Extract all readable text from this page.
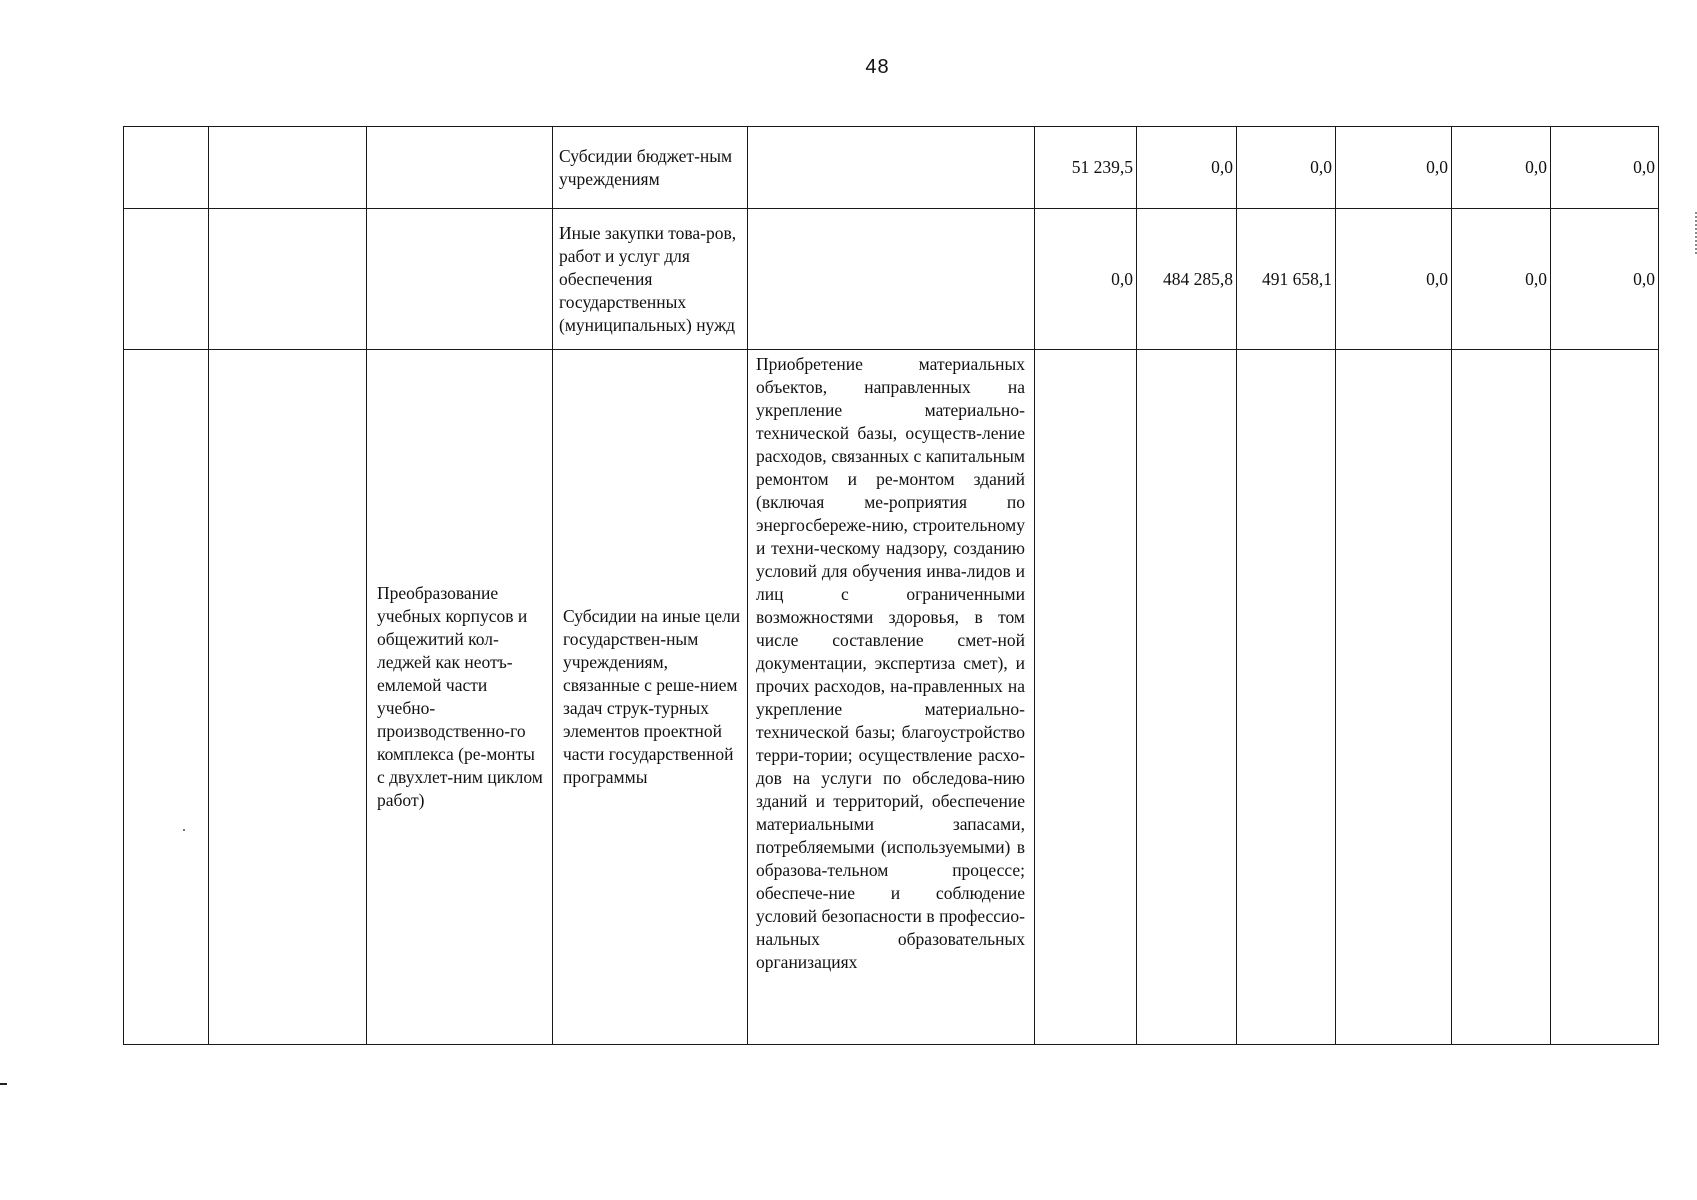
48
			Субсидии бюджет-ным учреждениям		51 239,5	0,0	0,0	0,0	0,0	0,0
			Иные закупки това-ров, работ и услуг для обеспечения государственных (муниципальных) нужд		0,0	484 285,8	491 658,1	0,0	0,0	0,0
		Преобразование учебных корпусов и общежитий кол-леджей как неотъ-емлемой части учебно-производственно-го комплекса (ре-монты с двухлет-ним циклом работ)	Субсидии на иные цели государствен-ным учреждениям, связанные с реше-нием задач струк-турных элементов проектной части государственной программы	Приобретение материальных объектов, направленных на укрепление материально-технической базы, осуществ-ление расходов, связанных с капитальным ремонтом и ре-монтом зданий (включая ме-роприятия по энергосбереже-нию, строительному и техни-ческому надзору, созданию условий для обучения инва-лидов и лиц с ограниченными возможностями здоровья, в том числе составление смет-ной документации, экспертиза смет), и прочих расходов, на-правленных на укрепление материально-технической базы; благоустройство терри-тории; осуществление расхо-дов на услуги по обследова-нию зданий и территорий, обеспечение материальными запасами, потребляемыми (используемыми) в образова-тельном процессе; обеспече-ние и соблюдение условий безопасности в профессио-нальных образовательных организациях						
